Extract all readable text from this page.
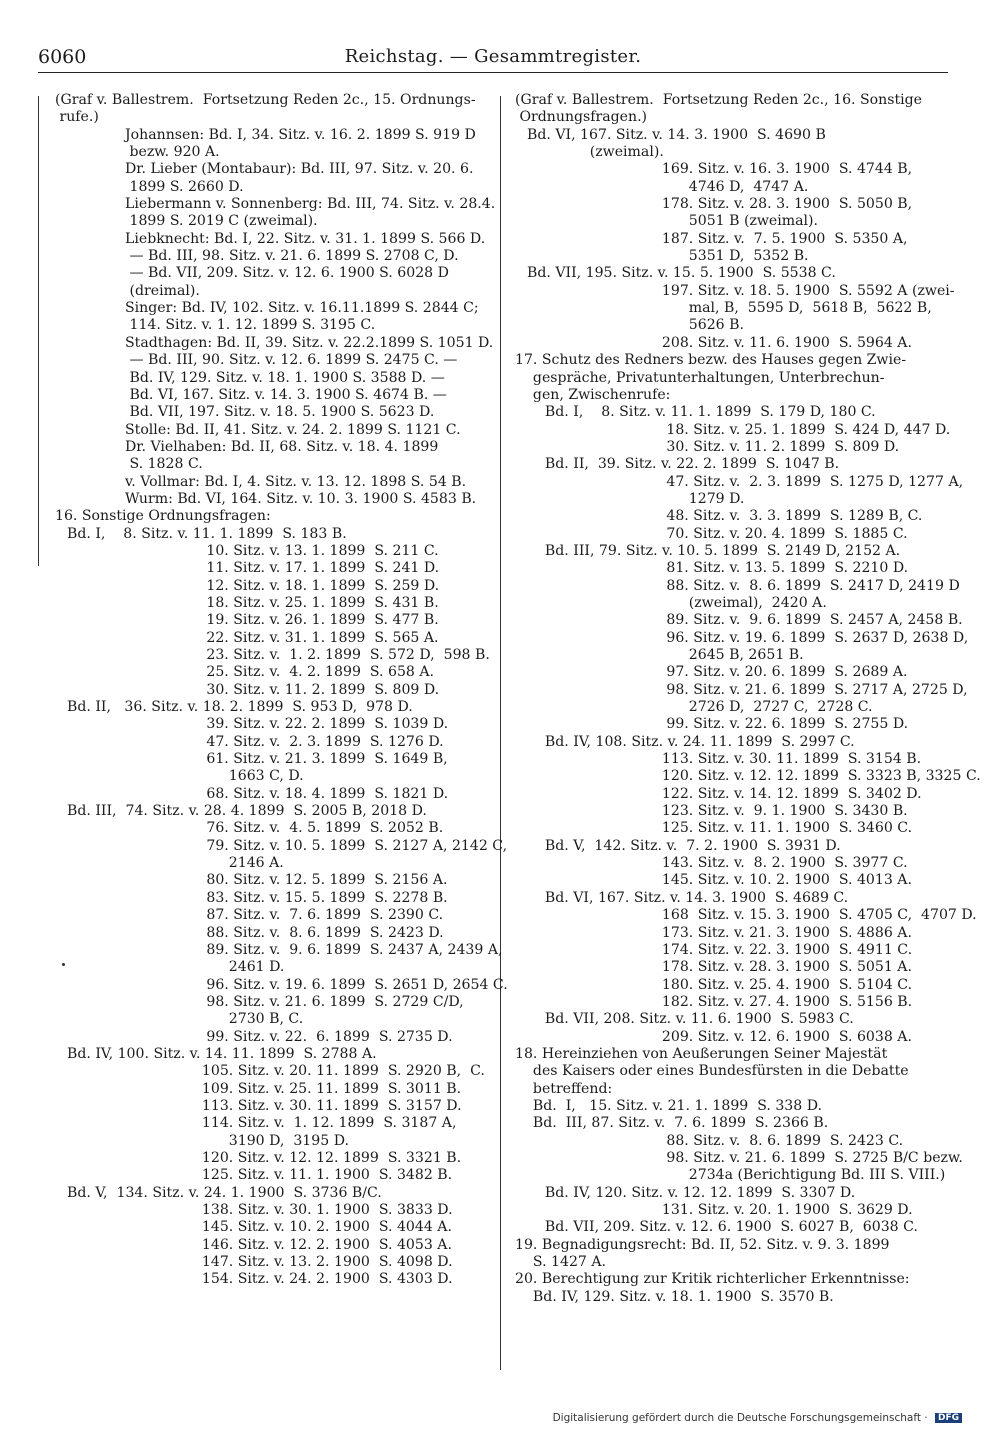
6060	Reichstag. — Gesammtregister.
(Graf v. Ballestrem.  Fortsetzung Reden 2c., 15. Ordnungs-
rufe.)
Johannsen: Bd. I, 34. Sitz. v. 16. 2. 1899 S. 919 D
bezw. 920 A.
Dr. Lieber (Montabaur): Bd. III, 97. Sitz. v. 20. 6.
1899 S. 2660 D.
Liebermann v. Sonnenberg: Bd. III, 74. Sitz. v. 28.4.
1899 S. 2019 C (zweimal).
Liebknecht: Bd. I, 22. Sitz. v. 31. 1. 1899 S. 566 D.
— Bd. III, 98. Sitz. v. 21. 6. 1899 S. 2708 C, D.
— Bd. VII, 209. Sitz. v. 12. 6. 1900 S. 6028 D
(dreimal).
Singer: Bd. IV, 102. Sitz. v. 16.11.1899 S. 2844 C;
114. Sitz. v. 1. 12. 1899 S. 3195 C.
Stadthagen: Bd. II, 39. Sitz. v. 22.2.1899 S. 1051 D.
— Bd. III, 90. Sitz. v. 12. 6. 1899 S. 2475 C. —
Bd. IV, 129. Sitz. v. 18. 1. 1900 S. 3588 D. —
Bd. VI, 167. Sitz. v. 14. 3. 1900 S. 4674 B. —
Bd. VII, 197. Sitz. v. 18. 5. 1900 S. 5623 D.
Stolle: Bd. II, 41. Sitz. v. 24. 2. 1899 S. 1121 C.
Dr. Vielhaben: Bd. II, 68. Sitz. v. 18. 4. 1899
S. 1828 C.
v. Vollmar: Bd. I, 4. Sitz. v. 13. 12. 1898 S. 54 B.
Wurm: Bd. VI, 164. Sitz. v. 10. 3. 1900 S. 4583 B.
16. Sonstige Ordnungsfragen:
Bd. I,    8. Sitz. v. 11. 1. 1899  S. 183 B.
10. Sitz. v. 13. 1. 1899  S. 211 C.
11. Sitz. v. 17. 1. 1899  S. 241 D.
12. Sitz. v. 18. 1. 1899  S. 259 D.
18. Sitz. v. 25. 1. 1899  S. 431 B.
19. Sitz. v. 26. 1. 1899  S. 477 B.
22. Sitz. v. 31. 1. 1899  S. 565 A.
23. Sitz. v.  1. 2. 1899  S. 572 D,  598 B.
25. Sitz. v.  4. 2. 1899  S. 658 A.
30. Sitz. v. 11. 2. 1899  S. 809 D.
Bd. II,   36. Sitz. v. 18. 2. 1899  S. 953 D,  978 D.
39. Sitz. v. 22. 2. 1899  S. 1039 D.
47. Sitz. v.  2. 3. 1899  S. 1276 D.
61. Sitz. v. 21. 3. 1899  S. 1649 B,
1663 C, D.
68. Sitz. v. 18. 4. 1899  S. 1821 D.
Bd. III,  74. Sitz. v. 28. 4. 1899  S. 2005 B, 2018 D.
76. Sitz. v.  4. 5. 1899  S. 2052 B.
79. Sitz. v. 10. 5. 1899  S. 2127 A, 2142 C,
2146 A.
80. Sitz. v. 12. 5. 1899  S. 2156 A.
83. Sitz. v. 15. 5. 1899  S. 2278 B.
87. Sitz. v.  7. 6. 1899  S. 2390 C.
88. Sitz. v.  8. 6. 1899  S. 2423 D.
89. Sitz. v.  9. 6. 1899  S. 2437 A, 2439 A,
2461 D.
96. Sitz. v. 19. 6. 1899  S. 2651 D, 2654 C.
98. Sitz. v. 21. 6. 1899  S. 2729 C/D,
2730 B, C.
99. Sitz. v. 22.  6. 1899  S. 2735 D.
Bd. IV, 100. Sitz. v. 14. 11. 1899  S. 2788 A.
105. Sitz. v. 20. 11. 1899  S. 2920 B,  C.
109. Sitz. v. 25. 11. 1899  S. 3011 B.
113. Sitz. v. 30. 11. 1899  S. 3157 D.
114. Sitz. v.  1. 12. 1899  S. 3187 A,
3190 D,  3195 D.
120. Sitz. v. 12. 12. 1899  S. 3321 B.
125. Sitz. v. 11. 1. 1900  S. 3482 B.
Bd. V,  134. Sitz. v. 24. 1. 1900  S. 3736 B/C.
138. Sitz. v. 30. 1. 1900  S. 3833 D.
145. Sitz. v. 10. 2. 1900  S. 4044 A.
146. Sitz. v. 12. 2. 1900  S. 4053 A.
147. Sitz. v. 13. 2. 1900  S. 4098 D.
154. Sitz. v. 24. 2. 1900  S. 4303 D.
(Graf v. Ballestrem.  Fortsetzung Reden 2c., 16. Sonstige
Ordnungsfragen.)
Bd. VI, 167. Sitz. v. 14. 3. 1900  S. 4690 B
(zweimal).
169. Sitz. v. 16. 3. 1900  S. 4744 B,
4746 D,  4747 A.
178. Sitz. v. 28. 3. 1900  S. 5050 B,
5051 B (zweimal).
187. Sitz. v.  7. 5. 1900  S. 5350 A,
5351 D,  5352 B.
Bd. VII, 195. Sitz. v. 15. 5. 1900  S. 5538 C.
197. Sitz. v. 18. 5. 1900  S. 5592 A (zwei-
mal, B,  5595 D,  5618 B,  5622 B,
5626 B.
208. Sitz. v. 11. 6. 1900  S. 5964 A.
17. Schutz des Redners bezw. des Hauses gegen Zwie-
gespräche, Privatunterhaltungen, Unterbrechun-
gen, Zwischenrufe:
Bd. I,    8. Sitz. v. 11. 1. 1899  S. 179 D, 180 C.
18. Sitz. v. 25. 1. 1899  S. 424 D, 447 D.
30. Sitz. v. 11. 2. 1899  S. 809 D.
Bd. II,  39. Sitz. v. 22. 2. 1899  S. 1047 B.
47. Sitz. v.  2. 3. 1899  S. 1275 D, 1277 A,
1279 D.
48. Sitz. v.  3. 3. 1899  S. 1289 B, C.
70. Sitz. v. 20. 4. 1899  S. 1885 C.
Bd. III, 79. Sitz. v. 10. 5. 1899  S. 2149 D, 2152 A.
81. Sitz. v. 13. 5. 1899  S. 2210 D.
88. Sitz. v.  8. 6. 1899  S. 2417 D, 2419 D
(zweimal),  2420 A.
89. Sitz. v.  9. 6. 1899  S. 2457 A, 2458 B.
96. Sitz. v. 19. 6. 1899  S. 2637 D, 2638 D,
2645 B, 2651 B.
97. Sitz. v. 20. 6. 1899  S. 2689 A.
98. Sitz. v. 21. 6. 1899  S. 2717 A, 2725 D,
2726 D,  2727 C,  2728 C.
99. Sitz. v. 22. 6. 1899  S. 2755 D.
Bd. IV, 108. Sitz. v. 24. 11. 1899  S. 2997 C.
113. Sitz. v. 30. 11. 1899  S. 3154 B.
120. Sitz. v. 12. 12. 1899  S. 3323 B, 3325 C.
122. Sitz. v. 14. 12. 1899  S. 3402 D.
123. Sitz. v.  9. 1. 1900  S. 3430 B.
125. Sitz. v. 11. 1. 1900  S. 3460 C.
Bd. V,  142. Sitz. v.  7. 2. 1900  S. 3931 D.
143. Sitz. v.  8. 2. 1900  S. 3977 C.
145. Sitz. v. 10. 2. 1900  S. 4013 A.
Bd. VI, 167. Sitz. v. 14. 3. 1900  S. 4689 C.
168  Sitz. v. 15. 3. 1900  S. 4705 C,  4707 D.
173. Sitz. v. 21. 3. 1900  S. 4886 A.
174. Sitz. v. 22. 3. 1900  S. 4911 C.
178. Sitz. v. 28. 3. 1900  S. 5051 A.
180. Sitz. v. 25. 4. 1900  S. 5104 C.
182. Sitz. v. 27. 4. 1900  S. 5156 B.
Bd. VII, 208. Sitz. v. 11. 6. 1900  S. 5983 C.
209. Sitz. v. 12. 6. 1900  S. 6038 A.
18. Hereinziehen von Aeußerungen Seiner Majestät
des Kaisers oder eines Bundesfürsten in die Debatte
betreffend:
Bd.  I,   15. Sitz. v. 21. 1. 1899  S. 338 D.
Bd.  III, 87. Sitz. v.  7. 6. 1899  S. 2366 B.
88. Sitz. v.  8. 6. 1899  S. 2423 C.
98. Sitz. v. 21. 6. 1899  S. 2725 B/C bezw.
2734a (Berichtigung Bd. III S. VIII.)
Bd. IV, 120. Sitz. v. 12. 12. 1899  S. 3307 D.
131. Sitz. v. 20. 1. 1900  S. 3629 D.
Bd. VII, 209. Sitz. v. 12. 6. 1900  S. 6027 B,  6038 C.
19. Begnadigungsrecht: Bd. II, 52. Sitz. v. 9. 3. 1899
S. 1427 A.
20. Berechtigung zur Kritik richterlicher Erkenntnisse:
Bd. IV, 129. Sitz. v. 18. 1. 1900  S. 3570 B.
Digitalisierung gefördert durch die Deutsche Forschungsgemeinschaft · DFG
